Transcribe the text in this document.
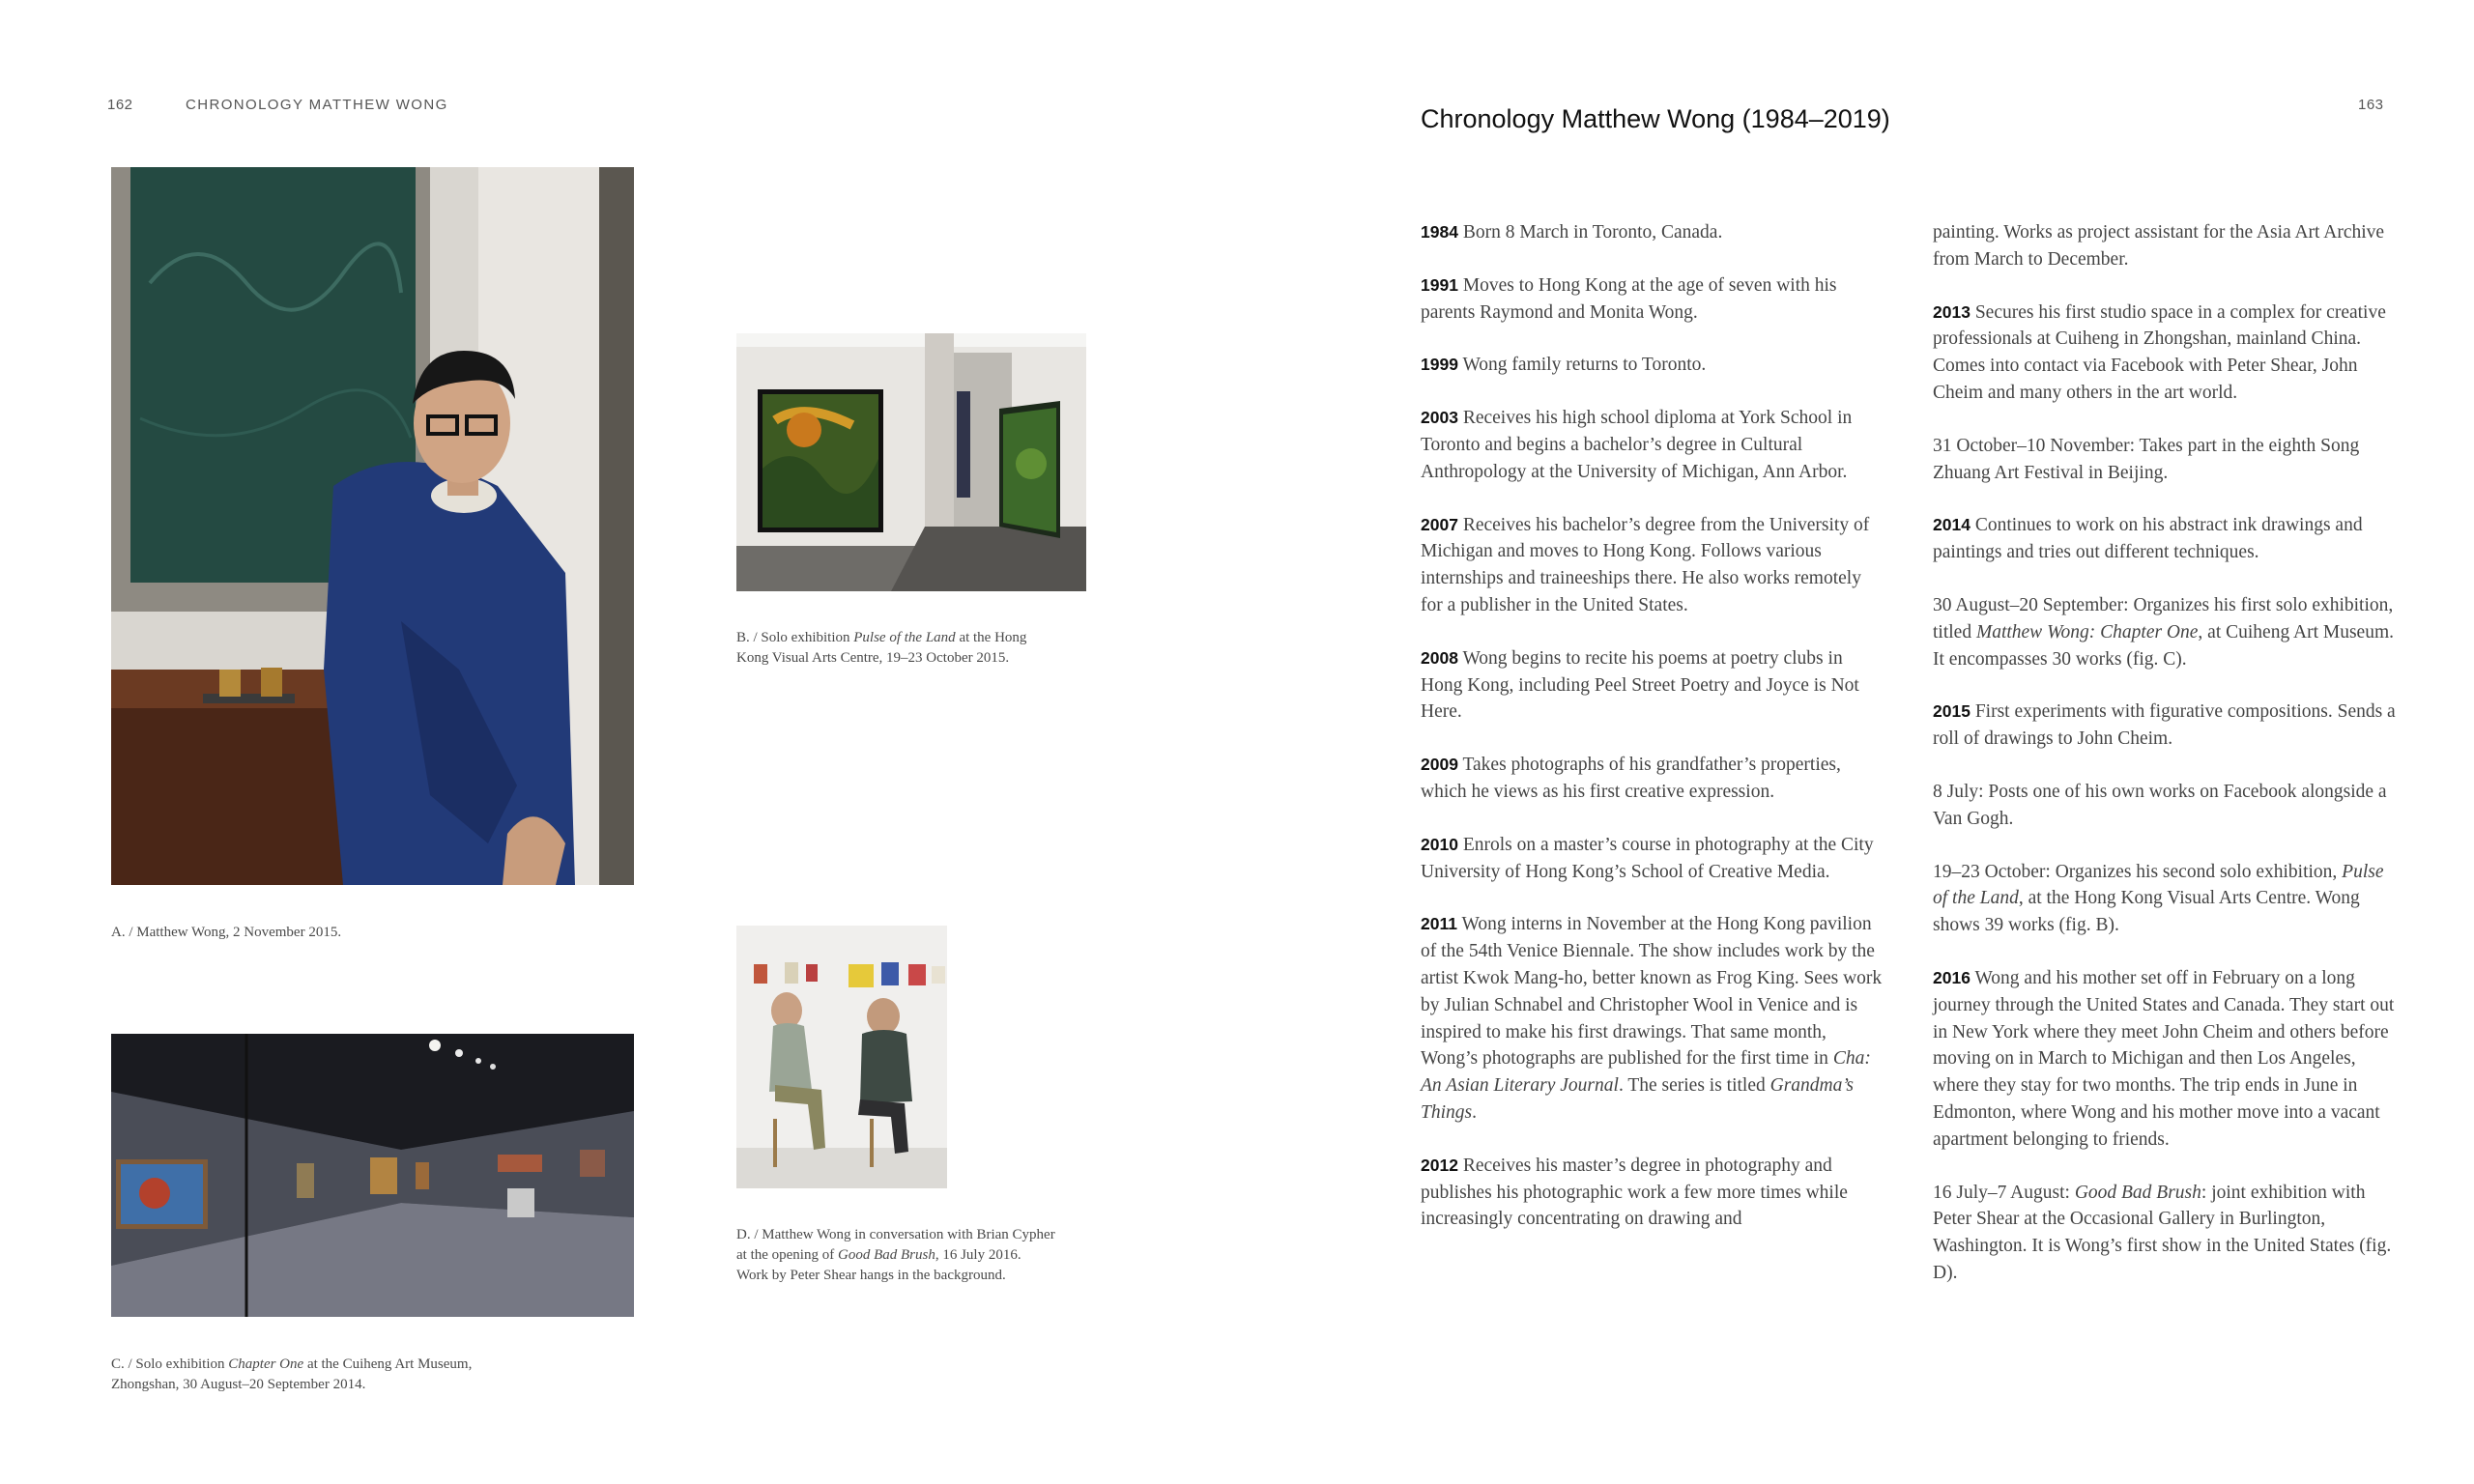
162	CHRONOLOGY MATTHEW WONG
A. / Matthew Wong, 2 November 2015.
B. / Solo exhibition Pulse of the Land at the Hong Kong Visual Arts Centre, 19–23 October 2015.
D. / Matthew Wong in conversation with Brian Cypher at the opening of Good Bad Brush, 16 July 2016. Work by Peter Shear hangs in the background.
C. / Solo exhibition Chapter One at the Cuiheng Art Museum, Zhongshan, 30 August–20 September 2014.
Chronology Matthew Wong (1984–2019)	163

1984 Born 8 March in Toronto, Canada.

1991 Moves to Hong Kong at the age of seven with his parents Raymond and Monita Wong.

1999 Wong family returns to Toronto.

2003 Receives his high school diploma at York School in Toronto and begins a bachelor’s degree in Cultural Anthropology at the University of Michigan, Ann Arbor.

2007 Receives his bachelor’s degree from the University of Michigan and moves to Hong Kong. Follows various internships and traineeships there. He also works remotely for a publisher in the United States.

2008 Wong begins to recite his poems at poetry clubs in Hong Kong, including Peel Street Poetry and Joyce is Not Here.

2009 Takes photographs of his grandfather’s properties, which he views as his first creative expression.

2010 Enrols on a master’s course in photography at the City University of Hong Kong’s School of Creative Media.

2011 Wong interns in November at the Hong Kong pavilion of the 54th Venice Biennale. The show includes work by the artist Kwok Mang-ho, better known as Frog King. Sees work by Julian Schnabel and Christopher Wool in Venice and is inspired to make his first drawings. That same month, Wong’s photographs are published for the first time in Cha: An Asian Literary Journal. The series is titled Grandma’s Things.

2012 Receives his master’s degree in photography and publishes his photographic work a few more times while increasingly concentrating on drawing and

painting. Works as project assistant for the Asia Art Archive from March to December.

2013 Secures his first studio space in a complex for creative professionals at Cuiheng in Zhongshan, mainland China. Comes into contact via Facebook with Peter Shear, John Cheim and many others in the art world.

31 October–10 November: Takes part in the eighth Song Zhuang Art Festival in Beijing.

2014 Continues to work on his abstract ink drawings and paintings and tries out different techniques.

30 August–20 September: Organizes his first solo exhibition, titled Matthew Wong: Chapter One, at Cuiheng Art Museum. It encompasses 30 works (fig. C).

2015 First experiments with figurative compositions. Sends a roll of drawings to John Cheim.

8 July: Posts one of his own works on Facebook alongside a Van Gogh.

19–23 October: Organizes his second solo exhibition, Pulse of the Land, at the Hong Kong Visual Arts Centre. Wong shows 39 works (fig. B).

2016 Wong and his mother set off in February on a long journey through the United States and Canada. They start out in New York where they meet John Cheim and others before moving on in March to Michigan and then Los Angeles, where they stay for two months. The trip ends in June in Edmonton, where Wong and his mother move into a vacant apartment belonging to friends.

16 July–7 August: Good Bad Brush: joint exhibition with Peter Shear at the Occasional Gallery in Burlington, Washington. It is Wong’s first show in the United States (fig. D).
